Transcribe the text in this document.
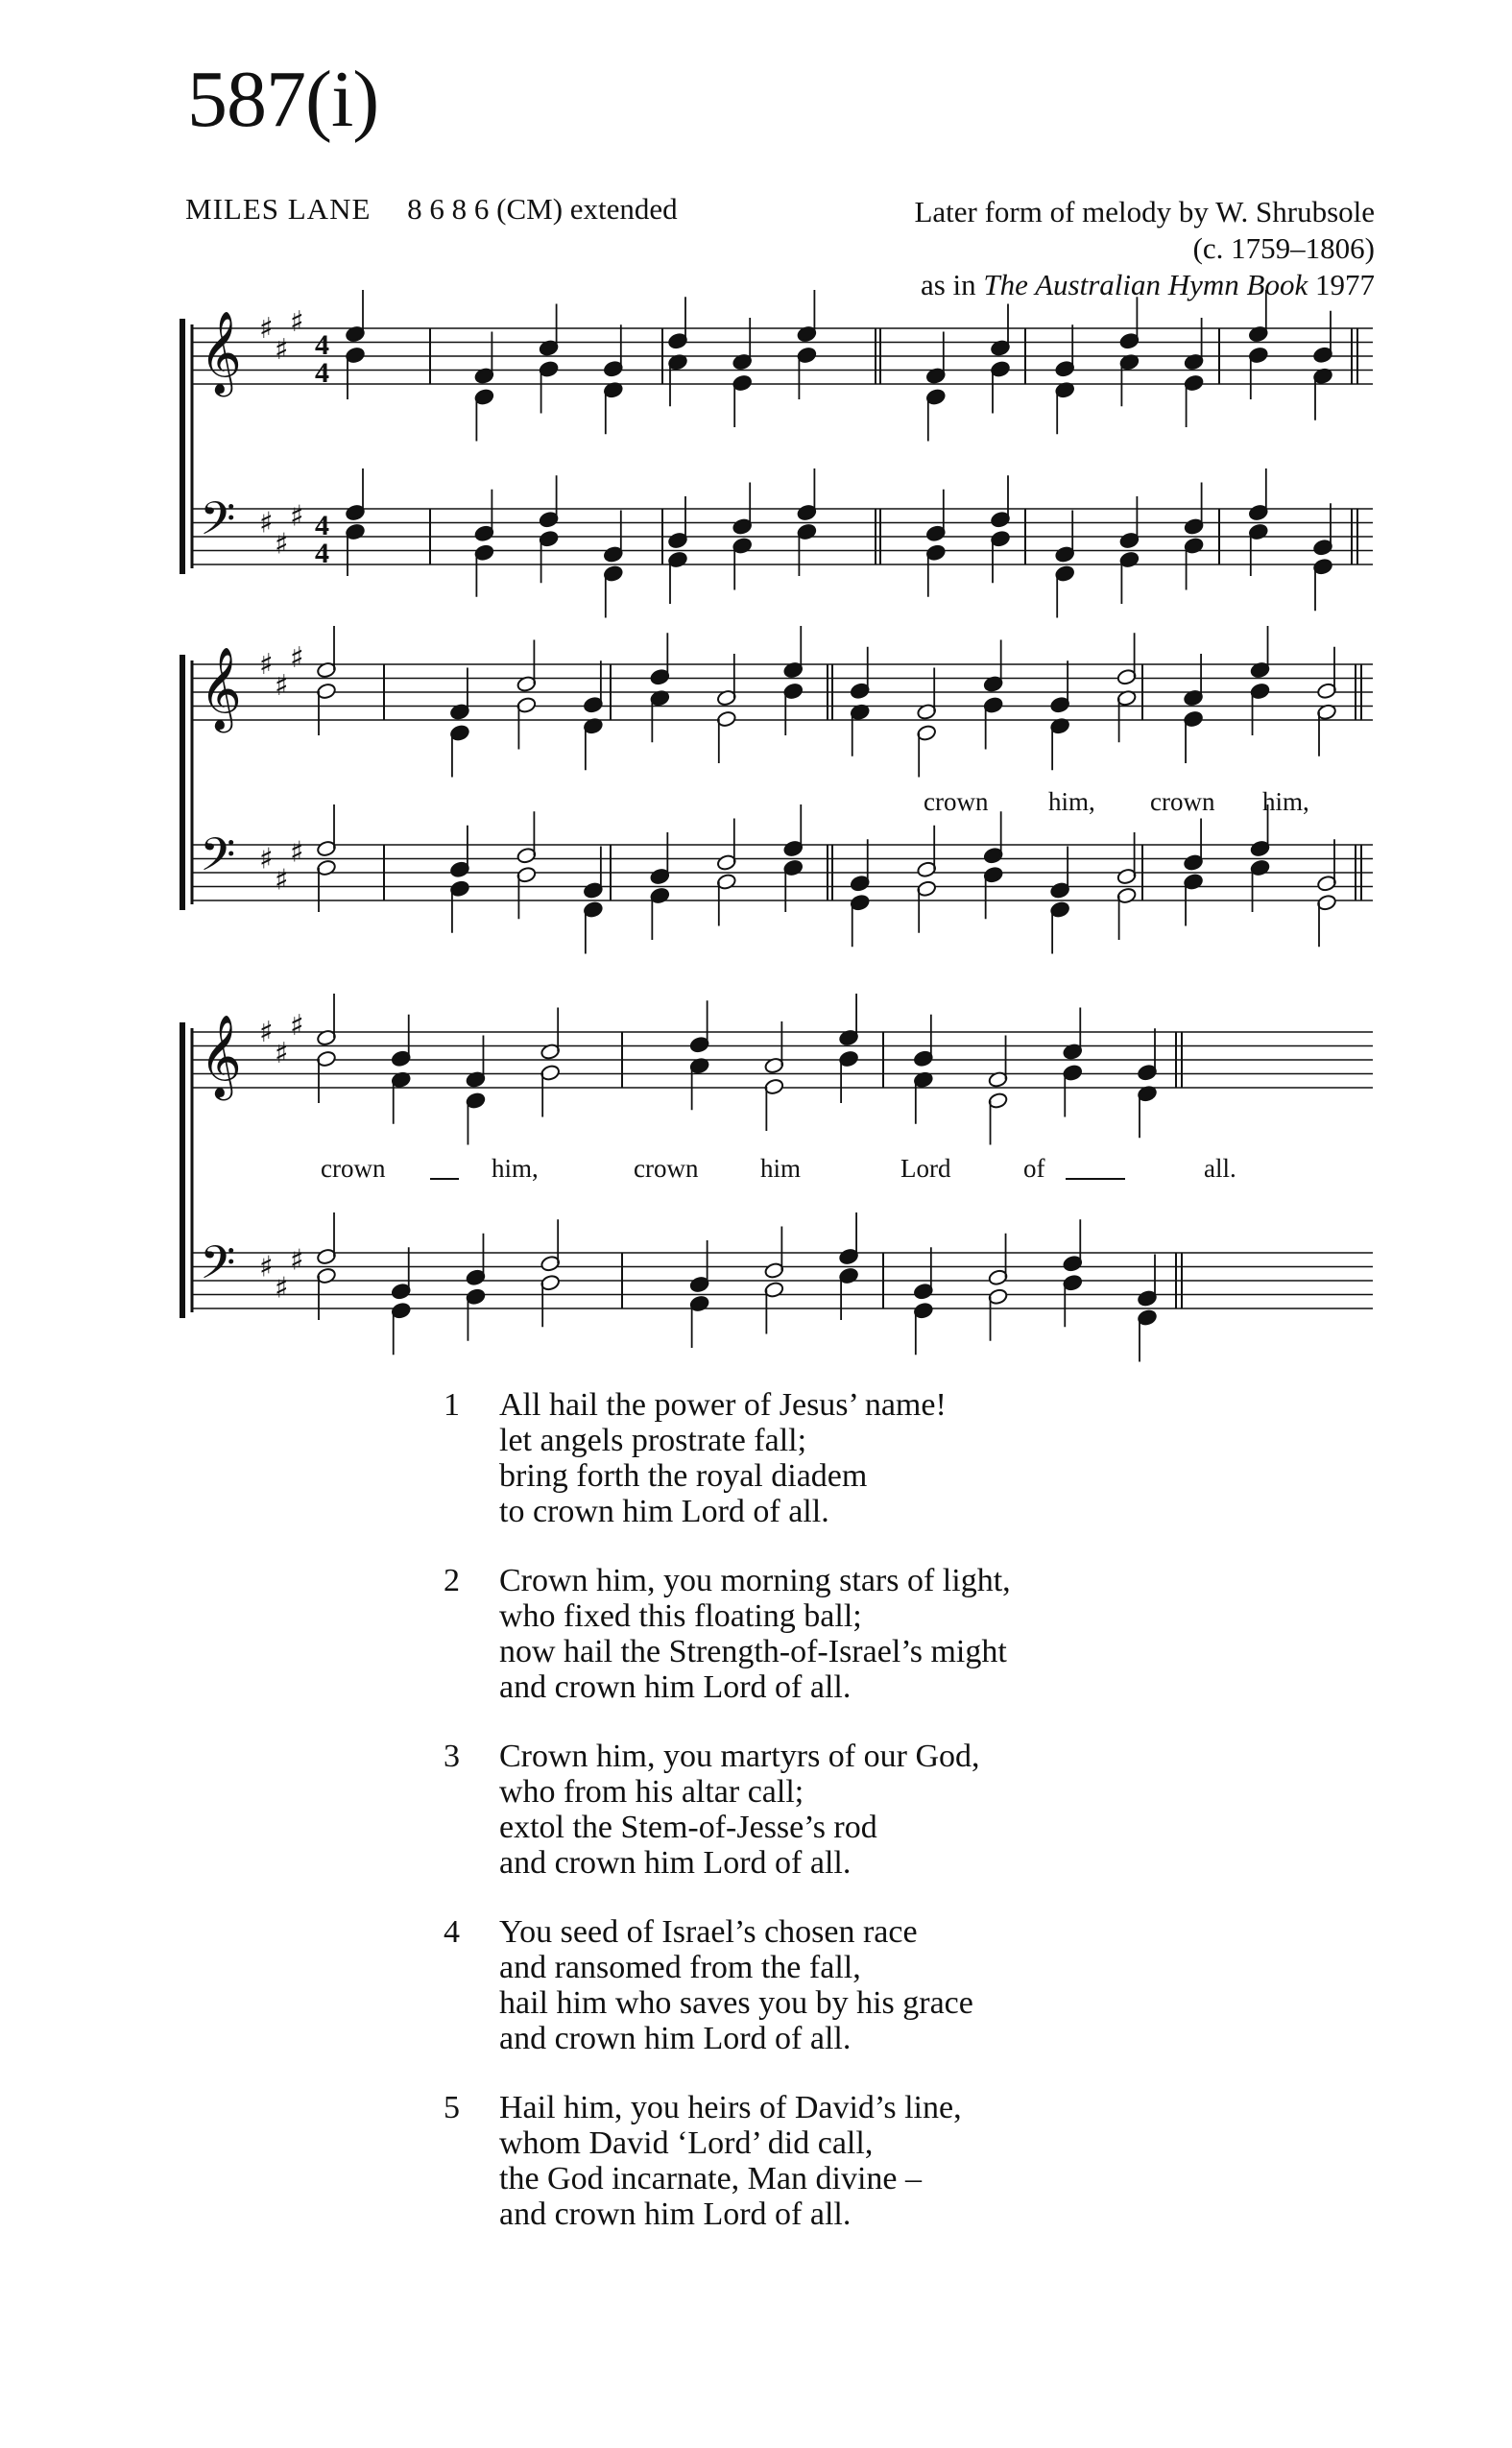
587(i)
MILES LANE 8 6 8 6 (CM) extended	Later form of melody by W. Shrubsole
(c. 1759–1806)
as in The Australian Hymn Book 1977
𝄞 ♯
♯
♯
4
4
𝄢 ♯
♯
♯ 4
4
𝄞 ♯
♯
♯
𝄢 ♯
♯
♯
𝄞 ♯
♯
♯
𝄢 ♯
♯
♯
crown him, crown him,
crown	him,	crown him	Lord	of	all.
1 All hail the power of Jesus’ name!
let angels prostrate fall;
bring forth the royal diadem
to crown him Lord of all.
2 Crown him, you morning stars of light,
who fixed this floating ball;
now hail the Strength-of-Israel’s might
and crown him Lord of all.
3 Crown him, you martyrs of our God,
who from his altar call;
extol the Stem-of-Jesse’s rod
and crown him Lord of all.
4 You seed of Israel’s chosen race
and ransomed from the fall,
hail him who saves you by his grace
and crown him Lord of all.
5 Hail him, you heirs of David’s line,
whom David ‘Lord’ did call,
the God incarnate, Man divine –
and crown him Lord of all.
